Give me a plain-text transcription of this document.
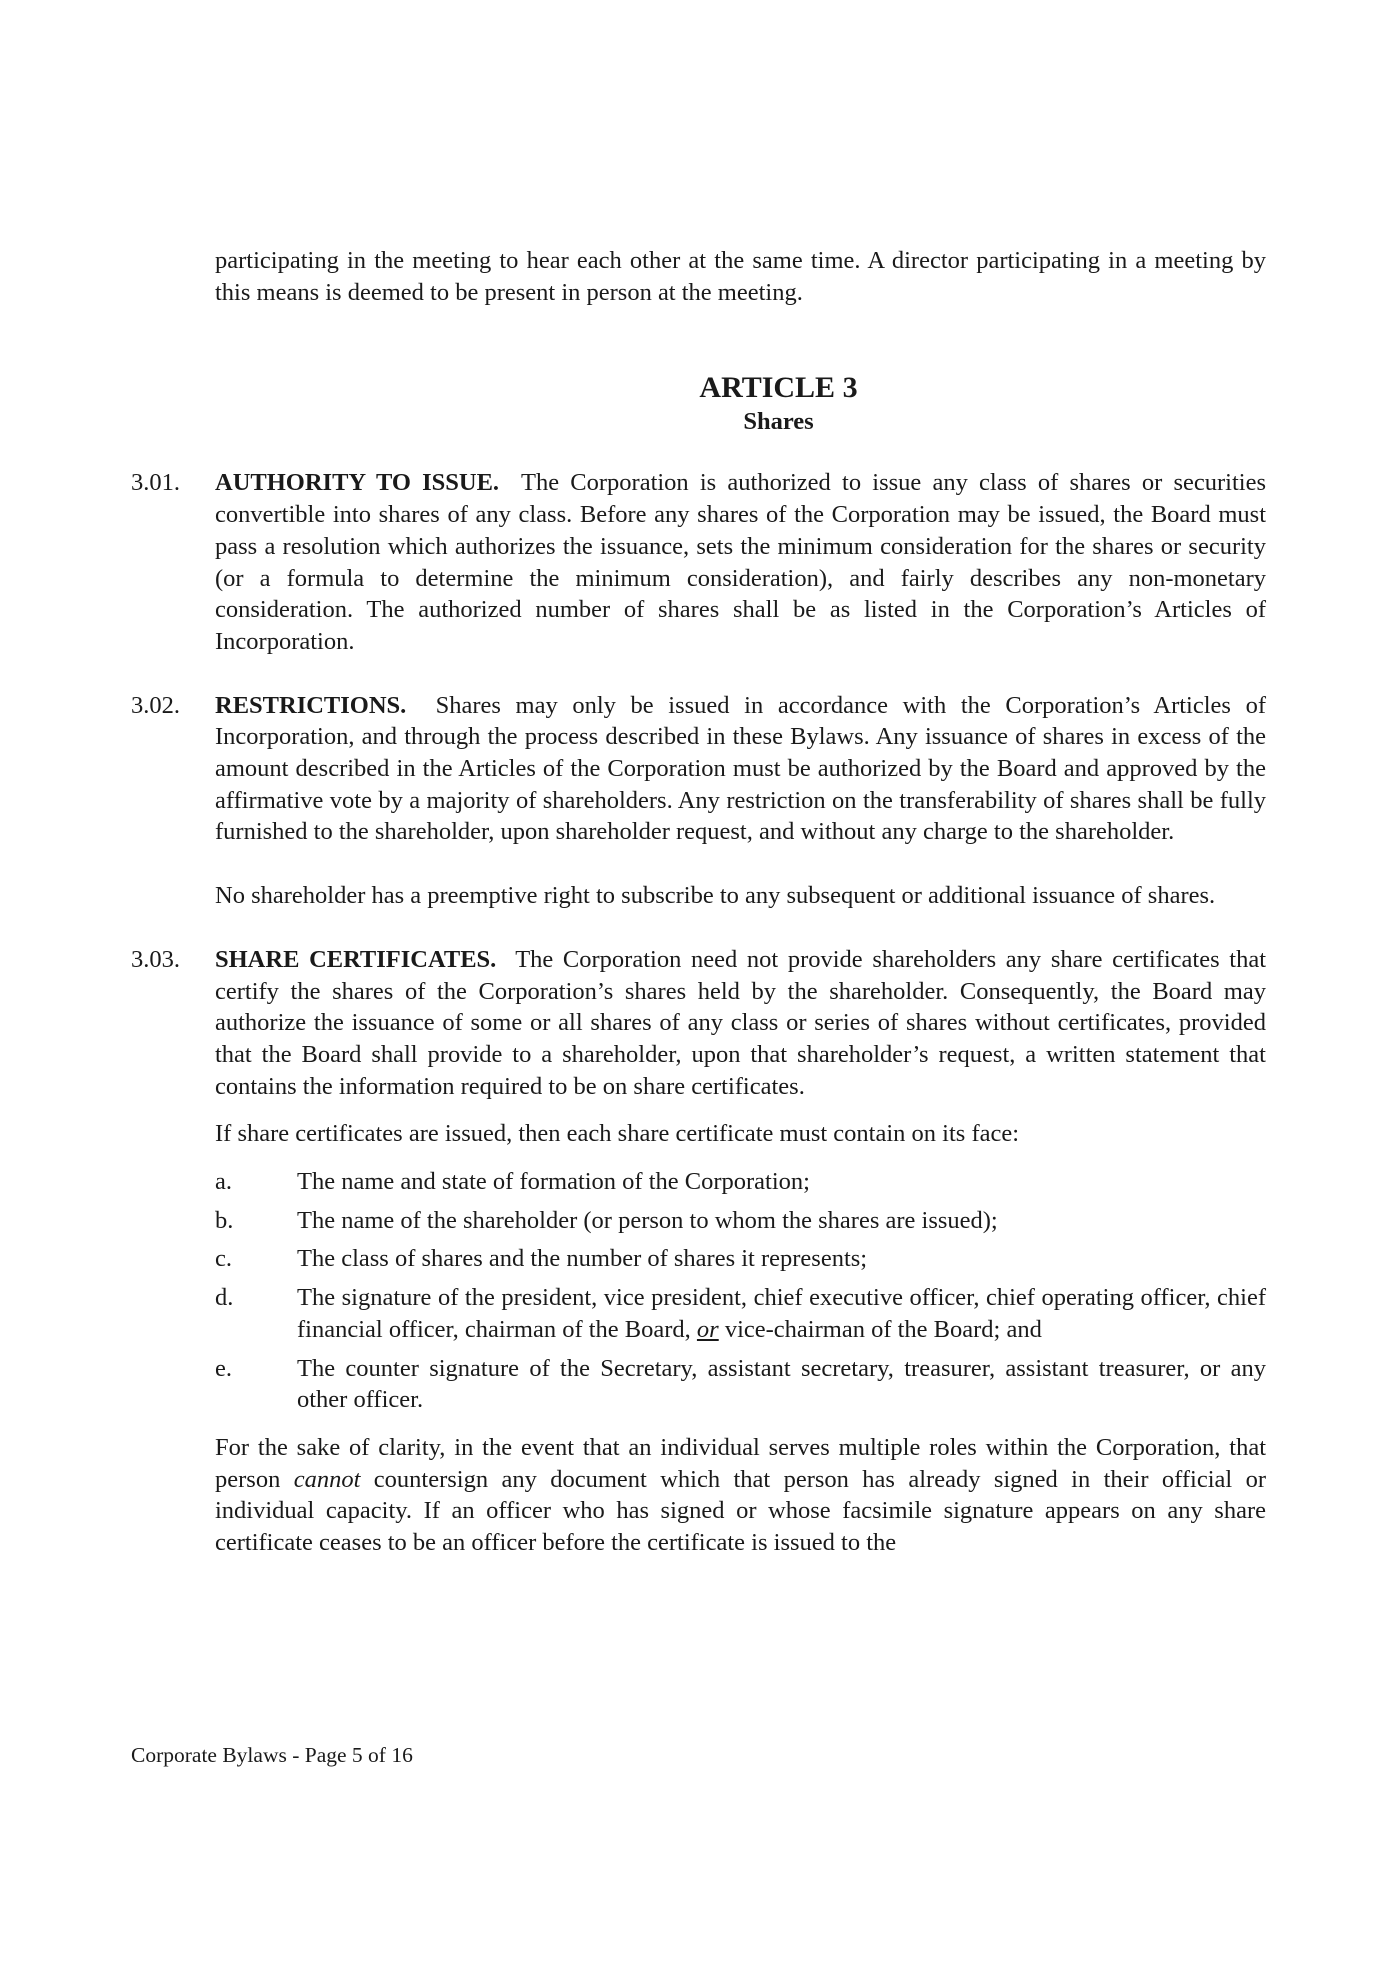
participating in the meeting to hear each other at the same time. A director participating in a meeting by this means is deemed to be present in person at the meeting.

ARTICLE 3
Shares
3.01.	AUTHORITY TO ISSUE. The Corporation is authorized to issue any class of shares or securities convertible into shares of any class. Before any shares of the Corporation may be issued, the Board must pass a resolution which authorizes the issuance, sets the minimum consideration for the shares or security (or a formula to determine the minimum consideration), and fairly describes any non-monetary consideration. The authorized number of shares shall be as listed in the Corporation’s Articles of Incorporation.

3.02.	RESTRICTIONS. Shares may only be issued in accordance with the Corporation’s Articles of Incorporation, and through the process described in these Bylaws. Any issuance of shares in excess of the amount described in the Articles of the Corporation must be authorized by the Board and approved by the affirmative vote by a majority of shareholders. Any restriction on the transferability of shares shall be fully furnished to the shareholder, upon shareholder request, and without any charge to the shareholder.

No shareholder has a preemptive right to subscribe to any subsequent or additional issuance of shares.

3.03.	SHARE CERTIFICATES. The Corporation need not provide shareholders any share certificates that certify the shares of the Corporation’s shares held by the shareholder. Consequently, the Board may authorize the issuance of some or all shares of any class or series of shares without certificates, provided that the Board shall provide to a shareholder, upon that shareholder’s request, a written statement that contains the information required to be on share certificates.

If share certificates are issued, then each share certificate must contain on its face:

a.	The name and state of formation of the Corporation;
b.	The name of the shareholder (or person to whom the shares are issued);
c.	The class of shares and the number of shares it represents;
d.	The signature of the president, vice president, chief executive officer, chief operating officer, chief financial officer, chairman of the Board, or vice-chairman of the Board; and
e.	The counter signature of the Secretary, assistant secretary, treasurer, assistant treasurer, or any other officer.

For the sake of clarity, in the event that an individual serves multiple roles within the Corporation, that person cannot countersign any document which that person has already signed in their official or individual capacity. If an officer who has signed or whose facsimile signature appears on any share certificate ceases to be an officer before the certificate is issued to the

Corporate Bylaws - Page 5 of 16
